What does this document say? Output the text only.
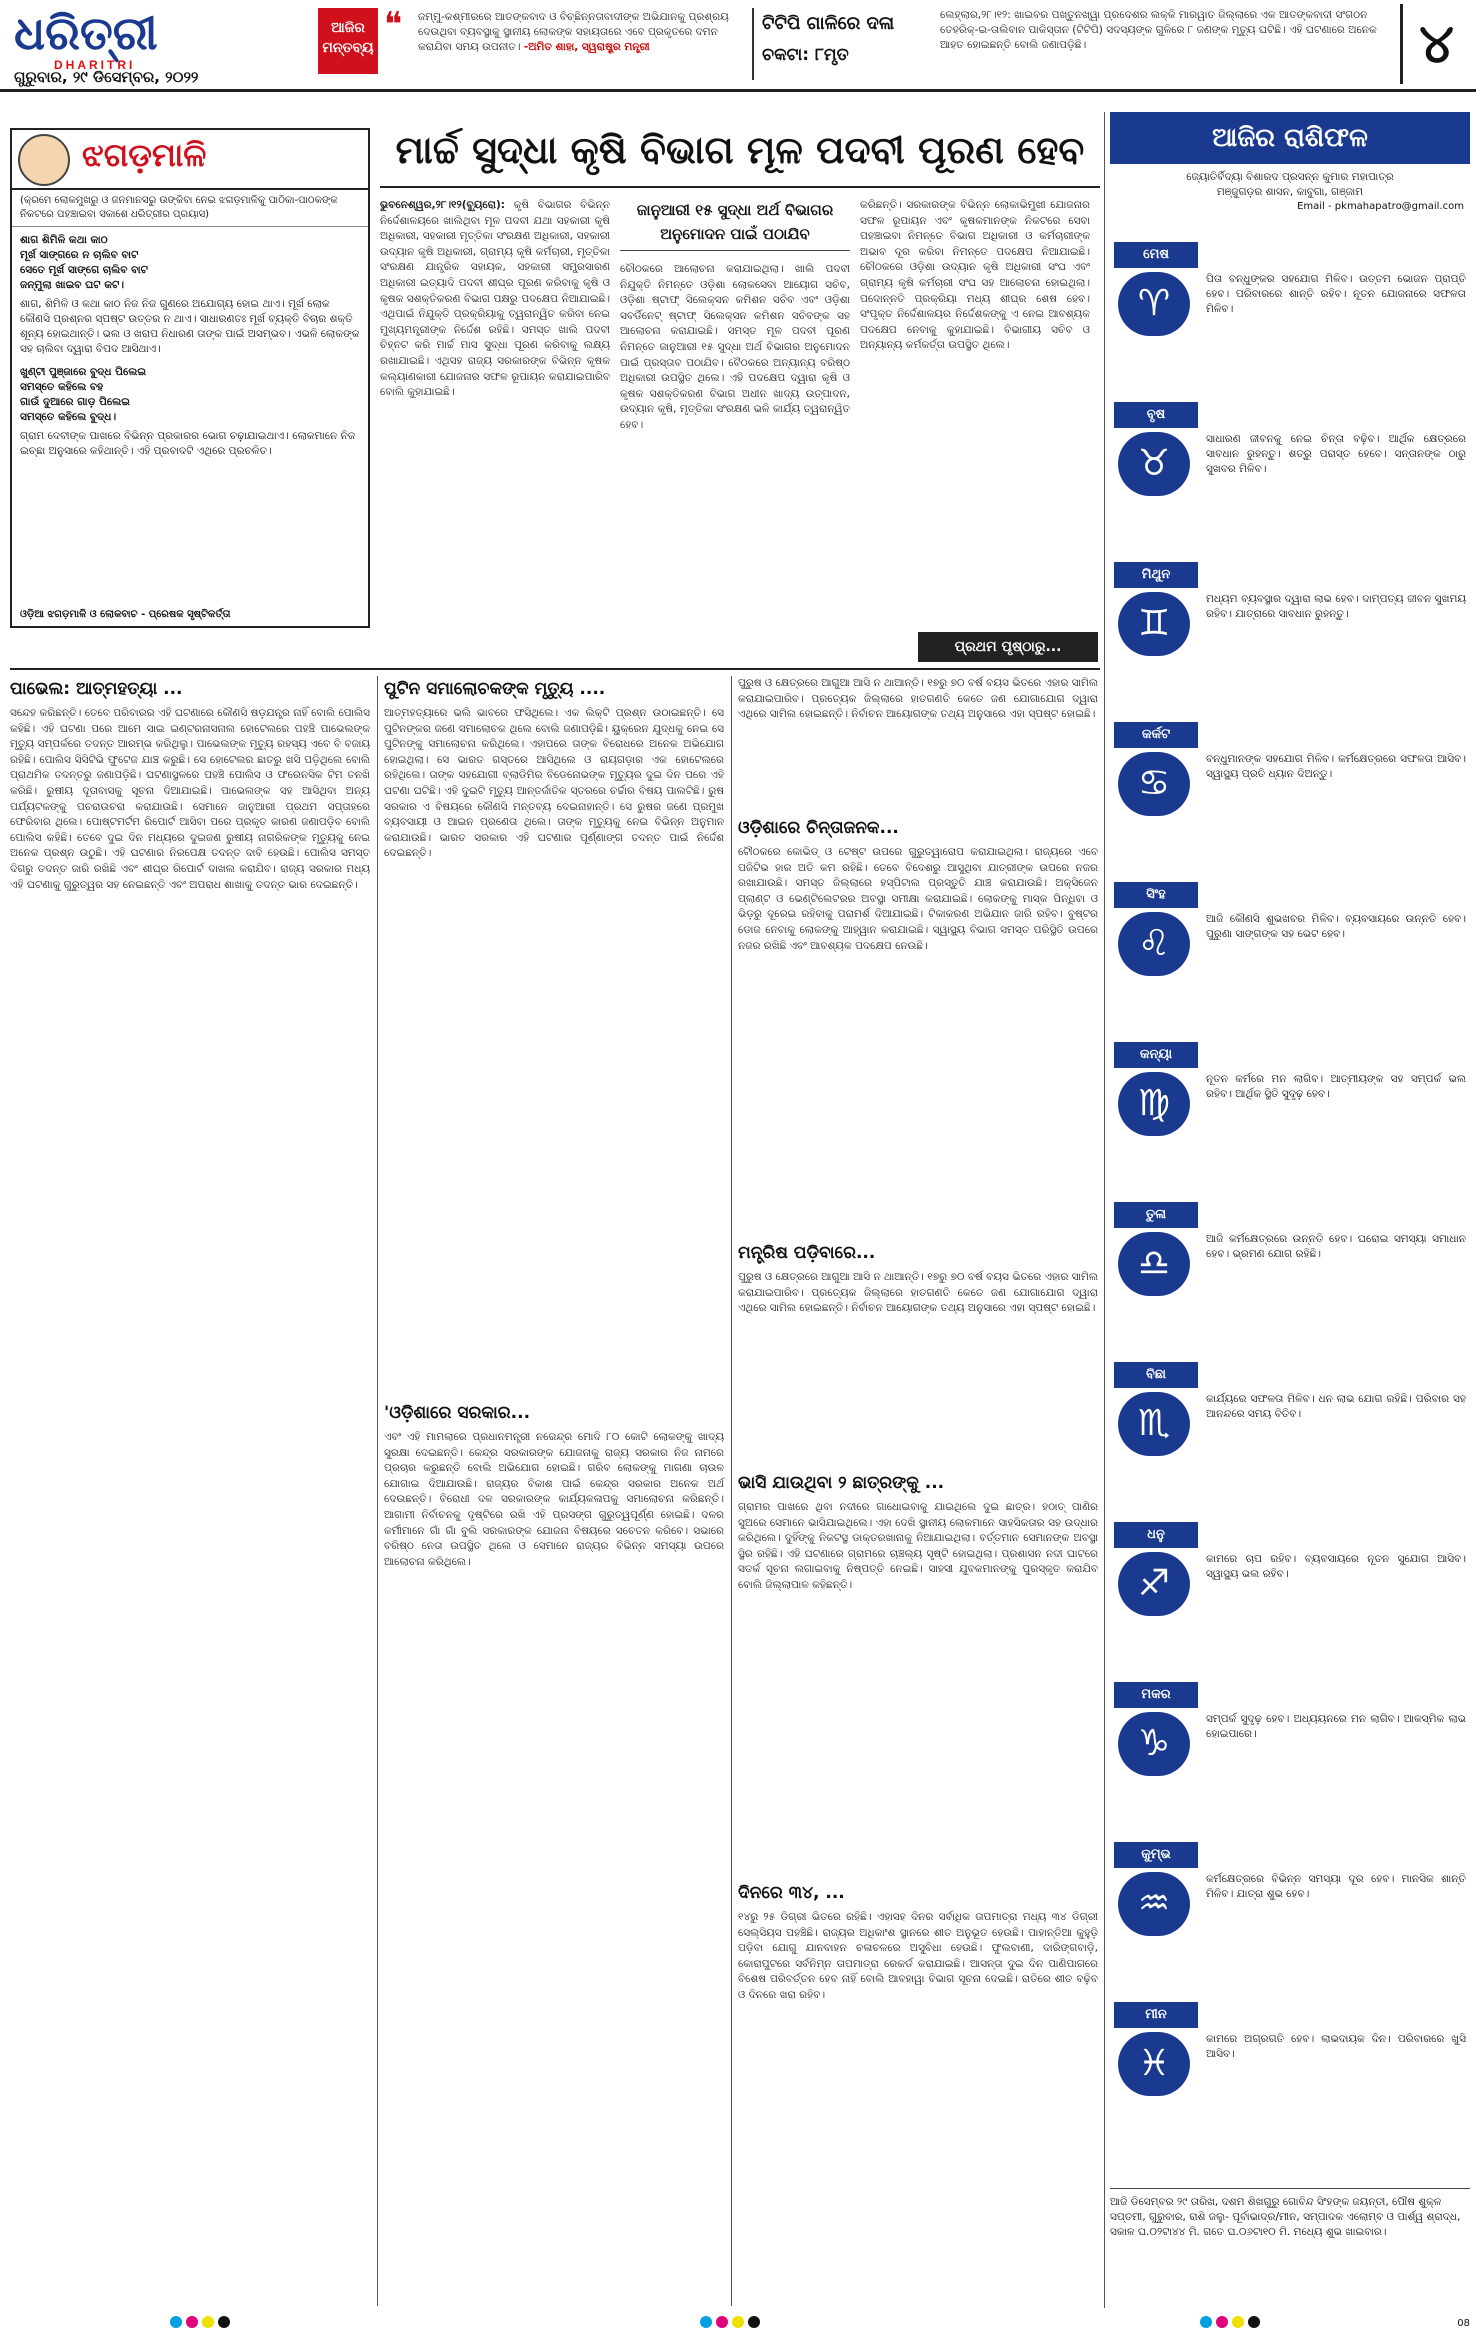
ଧରିତ୍ରୀ
DHARITRI
ଗୁରୁବାର, ୨୯ ଡିସେମ୍ବର, ୨୦୨୨
ଆଜିର ମନ୍ତବ୍ୟ
❝ ଜମ୍ମୁ-କଶ୍ମୀରରେ ଆତଙ୍କବାଦ ଓ ବିଚ୍ଛିନ୍ନତାବାଦୀଙ୍କ ଅଭିଯାନକୁ ପ୍ରଶ୍ରୟ ଦେଉଥିବା ବ୍ୟବସ୍ଥାକୁ ସ୍ଥାନୀୟ ଲୋକଙ୍କ ସହାୟତାରେ ଏବେ ପ୍ରକୃତରେ ଦମନ କରାଯିବା ସମୟ ଉପନୀତ। -ଅମିତ ଶାହା, ସ୍ୱରାଷ୍ଟ୍ର ମନ୍ତ୍ରୀ
ଟିଟିପି ଗାଳିରେ ଦଳା
ଚକଟା: ୮ମୃତ
ଲେହ୍ଲାର,୨୮।୧୨: ଖାଇବର ପଖ୍ତୁନଖ୍ୱା ପ୍ରଦେଶର ଲକ୍କି ମାରୱାତ ଜିଲ୍ଲାରେ ଏକ ଆତଙ୍କବାଦୀ ସଂଗଠନ ତେହରିକ୍-ଇ-ତାଲିବାନ ପାକିସ୍ତାନ (ଟିଟିପି) ସଦସ୍ୟଙ୍କ ଗୁଳିରେ ୮ ଜଣଙ୍କ ମୃତ୍ୟୁ ଘଟିଛି। ଏହି ଘଟଣାରେ ଅନେକ ଆହତ ହୋଇଛନ୍ତି ବୋଲି ଜଣାପଡ଼ିଛି।	୪
ଝଗଡ଼ମାଳି
(କ୍ରମେ ଲୋକମୁଖରୁ ଓ ଜନମାନସରୁ ଉଙ୍କିବା ନେଇ ଝଗଡ଼ମାଳିକୁ ପାଠିକା-ପାଠକଙ୍କ ନିକଟରେ ପହଞ୍ଚାଇବା ସକାଶେ ଧରିତ୍ରୀର ପ୍ରୟାସ)
ଶାଗ ଶିମିଳି କଥା କାଠ
ମୂର୍ଖ ସାଙ୍ଗରେ ନ ଚାଲିବ ବାଟ
ସେତେ ମୂର୍ଖ ସାଙ୍ଗେ ଚାଲିବ ବାଟ
ଜନ୍ମୁଲା ଖାଇବ ଘଟ କଟ।

ଶାଗ, ଶିମିଳି ଓ କଥା କାଠ ନିଜ ନିଜ ଗୁଣରେ ଅଯୋଗ୍ୟ ହୋଇ ଥାଏ। ମୂର୍ଖ ଲୋକ କୌଣସି ପ୍ରଶ୍ନର ସ୍ପଷ୍ଟ ଉତ୍ତର ନ ଥାଏ। ସାଧାରଣତଃ ମୂର୍ଖ ବ୍ୟକ୍ତି ବିଚାର ଶକ୍ତି ଶୂନ୍ୟ ହୋଇଥାନ୍ତି। ଭଲ ଓ ଖରାପ ନିଧାରଣ ତାଙ୍କ ପାଇଁ ଅସମ୍ଭବ। ଏଭଳି ଲୋକଙ୍କ ସହ ଚାଲିବା ଦ୍ୱାରା ବିପଦ ଆସିଥାଏ।

ଖୁଣ୍ଟୀ ପୁଞ୍ଜାରେ ବୁଦ୍ଧ ପିଲେଇ
ସମସ୍ତେ କହିଲେ ବହ
ଗାଉଁ ଦୁଆରେ ଗାଡ଼ ପିଲେଇ
ସମସ୍ତେ କହିଲେ ବୁଦ୍ଧ।

ଗ୍ରାମ ଦେବୀଙ୍କ ପାଖରେ ବିଭିନ୍ନ ପ୍ରକାରର ଭୋଗ ଚଢ଼ାଯାଇଥାଏ। ଲୋକମାନେ ନିଜ ଇଚ୍ଛା ଅନୁସାରେ କହିଥାନ୍ତି। ଏହି ପ୍ରବାଦଟି ଏଥିରେ ପ୍ରଚଳିତ।

ଓଡ଼ିଆ ଝଗଡ଼ମାଳି ଓ ଲୋକବାଚ - ପ୍ରେଷକ ସୃଷ୍ଟିକର୍ତ୍ତା
ମାର୍ଚ୍ଚ ସୁଦ୍ଧା କୃଷି ବିଭାଗ ମୂଳ ପଦବୀ ପୂରଣ ହେବ
ଭୁବନେଶ୍ୱର,୨୮।୧୨(ବ୍ୟୁରୋ): କୃଷି ବିଭାଗର ବିଭିନ୍ନ ନିର୍ଦ୍ଦେଶାଳୟରେ ଖାଲିଥିବା ମୂଳ ପଦବୀ ଯଥା ସହକାରୀ କୃଷି ଅଧିକାରୀ, ସହକାରୀ ମୃତ୍ତିକା ସଂରକ୍ଷଣ ଅଧିକାରୀ, ସହକାରୀ ଉଦ୍ୟାନ କୃଷି ଅଧିକାରୀ, ଗ୍ରାମ୍ୟ କୃଷି କର୍ମଚାରୀ, ମୃତ୍ତିକା ସଂରକ୍ଷଣ ଯାନ୍ତ୍ରିକ ସହାୟକ, ସହକାରୀ ସମ୍ପ୍ରସାରଣ ଅଧିକାରୀ ଇତ୍ୟାଦି ପଦବୀ ଶୀଘ୍ର ପୂରଣ କରିବାକୁ କୃଷି ଓ କୃଷକ ସଶକ୍ତିକରଣ ବିଭାଗ ପକ୍ଷରୁ ପଦକ୍ଷେପ ନିଆଯାଇଛି। ଏଥିପାଇଁ ନିଯୁକ୍ତି ପ୍ରକ୍ରିୟାକୁ ତ୍ୱରାନ୍ୱିତ କରିବା ନେଇ ମୁଖ୍ୟମନ୍ତ୍ରୀଙ୍କ ନିର୍ଦ୍ଦେଶ ରହିଛି। ସମସ୍ତ ଖାଲି ପଦବୀ ଚିହ୍ନଟ କରି ମାର୍ଚ୍ଚ ମାସ ସୁଦ୍ଧା ପୂରଣ କରିବାକୁ ଲକ୍ଷ୍ୟ ରଖାଯାଇଛି। ଏଥିସହ ରାଜ୍ୟ ସରକାରଙ୍କ ବିଭିନ୍ନ କୃଷକ କଲ୍ୟାଣକାରୀ ଯୋଜନାର ସଫଳ ରୂପାୟନ କରାଯାଇପାରିବ ବୋଲି କୁହାଯାଇଛି।
ଜାନୁଆରୀ ୧୫ ସୁଦ୍ଧା ଅର୍ଥ ବିଭାଗର ଅନୁମୋଦନ ପାଇଁ ପଠାଯିବ
ଚୌଠକରେ ଆଲୋଚନା କରାଯାଇଥିଲା। ଖାଲି ପଦବୀ ନିଯୁକ୍ତି ନିମନ୍ତେ ଓଡ଼ିଶା ଲୋକସେବା ଆୟୋଗ ସଚିବ, ଓଡ଼ିଶା ଷ୍ଟାଫ୍ ସିଲେକ୍ସନ କମିଶନ ସଚିବ ଏବଂ ଓଡ଼ିଶା ସବର୍ଡିନେଟ୍ ଷ୍ଟାଫ୍ ସିଲେକ୍ସନ କମିଶନ ସଚିବଙ୍କ ସହ ଆଲୋଚନା କରାଯାଇଛି। ସମସ୍ତ ମୂଳ ପଦବୀ ପୂରଣ ନିମନ୍ତେ ଜାନୁଆରୀ ୧୫ ସୁଦ୍ଧା ଅର୍ଥ ବିଭାଗର ଅନୁମୋଦନ ପାଇଁ ପ୍ରସ୍ତାବ ପଠାଯିବ। ବୈଠକରେ ଅନ୍ୟାନ୍ୟ ବରିଷ୍ଠ ଅଧିକାରୀ ଉପସ୍ଥିତ ଥିଲେ। ଏହି ପଦକ୍ଷେପ ଦ୍ୱାରା କୃଷି ଓ କୃଷକ ସଶକ୍ତିକରଣ ବିଭାଗ ଅଧୀନ ଖାଦ୍ୟ ଉତ୍ପାଦନ, ଉଦ୍ୟାନ କୃଷି, ମୃତ୍ତିକା ସଂରକ୍ଷଣ ଭଳି କାର୍ଯ୍ୟ ତ୍ୱରାନ୍ୱିତ ହେବ।
କରିଛନ୍ତି। ସରକାରଙ୍କ ବିଭିନ୍ନ ଲୋକାଭିମୁଖୀ ଯୋଜନାର ସଫଳ ରୂପାୟନ ଏବଂ କୃଷକମାନଙ୍କ ନିକଟରେ ସେବା ପହଞ୍ଚାଇବା ନିମନ୍ତେ ବିଭାଗ ଅଧିକାରୀ ଓ କର୍ମଚାରୀଙ୍କ ଅଭାବ ଦୂର କରିବା ନିମନ୍ତେ ପଦକ୍ଷେପ ନିଆଯାଇଛି। ଚୌଠକରେ ଓଡ଼ିଶା ଉଦ୍ୟାନ କୃଷି ଅଧିକାରୀ ସଂଘ ଏବଂ ଗ୍ରାମ୍ୟ କୃଷି କର୍ମଚାରୀ ସଂଘ ସହ ଆଲୋଚନା ହୋଇଥିଲା। ପଦୋନ୍ନତି ପ୍ରକ୍ରିୟା ମଧ୍ୟ ଶୀଘ୍ର ଶେଷ ହେବ। ସଂପୃକ୍ତ ନିର୍ଦ୍ଦେଶାଳୟର ନିର୍ଦ୍ଦେଶକଙ୍କୁ ଏ ନେଇ ଆବଶ୍ୟକ ପଦକ୍ଷେପ ନେବାକୁ କୁହାଯାଇଛି। ବିଭାଗୀୟ ସଚିବ ଓ ଅନ୍ୟାନ୍ୟ କର୍ମକର୍ତ୍ତା ଉପସ୍ଥିତ ଥିଲେ।
ପ୍ରଥମ ପୃଷ୍ଠାରୁ...
ଆଜିର ରାଶିଫଳ
ଜ୍ୟୋତିର୍ବିଦ୍ୟା ବିଶାରଦ ପ୍ରସନ୍ନ କୁମାର ମହାପାତ୍ର
ମଞ୍ଜୁଗଡ଼ର ଶାସନ, କାବୁଗା, ଗଞ୍ଜାମ
Email - pkmahapatro@gmail.com
ମେଷ
♈
ପିତା ବନ୍ଧୁଙ୍କର ସହଯୋଗ ମିଳିବ। ଉତ୍ତମ ଭୋଜନ ପ୍ରାପ୍ତି ହେବ। ପରିବାରରେ ଶାନ୍ତି ରହିବ। ନୂତନ ଯୋଜନାରେ ସଫଳତା ମିଳିବ।
ବୃଷ
♉
ସାଧାରଣ ଜୀବନକୁ ନେଇ ଚିନ୍ତା ବଢ଼ିବ। ଆର୍ଥିକ କ୍ଷେତ୍ରରେ ସାବଧାନ ରୁହନ୍ତୁ। ଶତ୍ରୁ ପରାସ୍ତ ହେବେ। ସନ୍ତାନଙ୍କ ଠାରୁ ସୁଖବର ମିଳିବ।
ମିଥୁନ
♊
ମଧ୍ୟମ ବ୍ୟବସ୍ଥାର ଦ୍ୱାରା ଲାଭ ହେବ। ଦାମ୍ପତ୍ୟ ଜୀବନ ସୁଖମୟ ରହିବ। ଯାତ୍ରାରେ ସାବଧାନ ରୁହନ୍ତୁ।
କର୍କଟ
♋
ବନ୍ଧୁମାନଙ୍କ ସହଯୋଗ ମିଳିବ। କର୍ମକ୍ଷେତ୍ରରେ ସଫଳତା ଆସିବ। ସ୍ୱାସ୍ଥ୍ୟ ପ୍ରତି ଧ୍ୟାନ ଦିଅନ୍ତୁ।
ସିଂହ
♌
ଆଜି କୌଣସି ଶୁଭଖବର ମିଳିବ। ବ୍ୟବସାୟରେ ଉନ୍ନତି ହେବ। ପୁରୁଣା ସାଙ୍ଗଙ୍କ ସହ ଭେଟ ହେବ।
କନ୍ୟା
♍
ନୂତନ କର୍ମରେ ମନ ଲାଗିବ। ଆତ୍ମୀୟଙ୍କ ସହ ସମ୍ପର୍କ ଭଲ ରହିବ। ଆର୍ଥିକ ସ୍ଥିତି ସୁଦୃଢ଼ ହେବ।
ତୁଳା
♎
ଆଜି କର୍ମକ୍ଷେତ୍ରରେ ଉନ୍ନତି ହେବ। ଘରୋଇ ସମସ୍ୟା ସମାଧାନ ହେବ। ଭ୍ରମଣ ଯୋଗ ରହିଛି।
ବିଛା
♏
କାର୍ଯ୍ୟରେ ସଫଳତା ମିଳିବ। ଧନ ଲାଭ ଯୋଗ ରହିଛି। ପରିବାର ସହ ଆନନ୍ଦରେ ସମୟ ବିତିବ।
ଧନୁ
♐
କାମରେ ଚାପ ରହିବ। ବ୍ୟବସାୟରେ ନୂତନ ସୁଯୋଗ ଆସିବ। ସ୍ୱାସ୍ଥ୍ୟ ଭଲ ରହିବ।
ମକର
♑
ସମ୍ପର୍କ ସୁଦୃଢ଼ ହେବ। ଅଧ୍ୟୟନରେ ମନ ଲାଗିବ। ଆକସ୍ମିକ ଲାଭ ହୋଇପାରେ।
କୁମ୍ଭ
♒
କର୍ମକ୍ଷେତ୍ରରେ ବିଭିନ୍ନ ସମସ୍ୟା ଦୂର ହେବ। ମାନସିକ ଶାନ୍ତି ମିଳିବ। ଯାତ୍ରା ଶୁଭ ହେବ।
ମୀନ
♓
କାମରେ ଅଗ୍ରଗତି ହେବ। ଲାଭଦାୟକ ଦିନ। ପରିବାରରେ ଖୁସି ଆସିବ।
ଆଜି ଡିସେମ୍ବର ୨୯ ତାରିଖ, ଦଶମ ଶିଖଗୁରୁ ଗୋବିନ୍ଦ ସିଂହଙ୍କ ଜୟନ୍ତୀ, ପୌଷ ଶୁକ୍ଳ ସପ୍ତମୀ, ଗୁରୁବାର, ରାଶି ଜଲୁ- ପୂର୍ବାଭାଦ୍ର/ମୀନ, ସମ୍ପାଦକ ଏଲୋମ୍ବ ଓ ପାର୍ଶ୍ୱ ଶ୍ରାଦ୍ଧ, ସକାଳ ଘ.୦୨ଟା୪୪ ମି. ଗତେ ଘ.୦୬ଟା୧୦ ମି. ମଧ୍ୟେ ଶୁଭ ଖାଇବାର।
ପାଭେଲ: ଆତ୍ମହତ୍ୟା ...
ସନ୍ଦେହ କରିଛନ୍ତି। ତେବେ ପରିବାରର ଏହି ଘଟଣାରେ କୌଣସି ଷଡ଼ଯନ୍ତ୍ର ନାହିଁ ବୋଲି ପୋଲିସ କହିଛି। ଏହି ଘଟଣା ପରେ ଆମେ ସାଇ ଇଣ୍ଟରନାସନାଲ ହୋଟେଲରେ ପହଞ୍ଚି ପାଭେଲଙ୍କ ମୃତ୍ୟୁ ସମ୍ପର୍କରେ ତଦନ୍ତ ଆରମ୍ଭ କରିଥିଲୁ। ପାଭେଲଙ୍କ ମୃତ୍ୟୁ ରହସ୍ୟ ଏବେ ବି ବଜାୟ ରହିଛି। ପୋଲିସ ସିସିଟିଭି ଫୁଟେଜ ଯାଞ୍ଚ କରୁଛି। ସେ ହୋଟେଲର ଛାତରୁ ଖସି ପଡ଼ିଥିଲେ ବୋଲି ପ୍ରାଥମିକ ତଦନ୍ତରୁ ଜଣାପଡ଼ିଛି। ଘଟଣାସ୍ଥଳରେ ପହଞ୍ଚି ପୋଲିସ ଓ ଫରେନସିକ ଟିମ ତନଖି କରିଛି। ରୁଷୀୟ ଦୂତାବାସକୁ ସୂଚନା ଦିଆଯାଇଛି। ପାଭେଲଙ୍କ ସହ ଆସିଥିବା ଅନ୍ୟ ପର୍ଯ୍ୟଟକଙ୍କୁ ପଚରାଉଚରା କରାଯାଉଛି। ସେମାନେ ଜାନୁଆରୀ ପ୍ରଥମ ସପ୍ତାହରେ ଫେରିବାର ଥିଲେ। ପୋଷ୍ଟମର୍ଟମ ରିପୋର୍ଟ ଆସିବା ପରେ ପ୍ରକୃତ କାରଣ ଜଣାପଡ଼ିବ ବୋଲି ପୋଲିସ କହିଛି। ତେବେ ଦୁଇ ଦିନ ମଧ୍ୟରେ ଦୁଇଜଣ ରୁଷୀୟ ନାଗରିକଙ୍କ ମୃତ୍ୟୁକୁ ନେଇ ଅନେକ ପ୍ରଶ୍ନ ଉଠୁଛି। ଏହି ଘଟଣାର ନିରପେକ୍ଷ ତଦନ୍ତ ଦାବି ହେଉଛି। ପୋଲିସ ସମସ୍ତ ଦିଗରୁ ତଦନ୍ତ ଜାରି ରଖିଛି ଏବଂ ଶୀଘ୍ର ରିପୋର୍ଟ ଦାଖଲ କରାଯିବ। ରାଜ୍ୟ ସରକାର ମଧ୍ୟ ଏହି ଘଟଣାକୁ ଗୁରୁତ୍ୱର ସହ ନେଇଛନ୍ତି ଏବଂ ଅପରାଧ ଶାଖାକୁ ତଦନ୍ତ ଭାର ଦେଇଛନ୍ତି।
ପୁଟିନ ସମାଲୋଚକଙ୍କ ମୃତ୍ୟୁ ....
ଆତ୍ମହତ୍ୟାରେ ଭଲି ଭାବରେ ଫସିଥିଲେ। ଏକ ଲିକ୍ଟି ପ୍ରଶ୍ନ ଉଠାଇଛନ୍ତି। ସେ ପୁଟିନଙ୍କର ଜଣେ ସମାଲୋଚକ ଥିଲେ ବୋଲି ଜଣାପଡ଼ିଛି। ୟୁକ୍ରେନ ଯୁଦ୍ଧକୁ ନେଇ ସେ ପୁଟିନଙ୍କୁ ସମାଲୋଚନା କରିଥିଲେ। ଏହାପରେ ତାଙ୍କ ବିରୋଧରେ ଅନେକ ଅଭିଯୋଗ ହୋଇଥିଲା। ସେ ଭାରତ ଗସ୍ତରେ ଆସିଥିଲେ ଓ ରାୟଗଡ଼ାର ଏକ ହୋଟେଲରେ ରହିଥିଲେ। ତାଙ୍କ ସହଯୋଗୀ ବ୍ଲାଡିମିର ବିଡେନୋଭଙ୍କ ମୃତ୍ୟୁର ଦୁଇ ଦିନ ପରେ ଏହି ଘଟଣା ଘଟିଛି। ଏହି ଦୁଇଟି ମୃତ୍ୟୁ ଆନ୍ତର୍ଜାତିକ ସ୍ତରରେ ଚର୍ଚ୍ଚାର ବିଷୟ ପାଲଟିଛି। ରୁଷ ସରକାର ଏ ବିଷୟରେ କୌଣସି ମନ୍ତବ୍ୟ ଦେଇନାହାନ୍ତି। ସେ ରୁଷର ଜଣେ ପ୍ରମୁଖ ବ୍ୟବସାୟୀ ଓ ଆଇନ ପ୍ରଣେତା ଥିଲେ। ତାଙ୍କ ମୃତ୍ୟୁକୁ ନେଇ ବିଭିନ୍ନ ଅନୁମାନ କରାଯାଉଛି। ଭାରତ ସରକାର ଏହି ଘଟଣାର ପୂର୍ଣ୍ଣାଙ୍ଗ ତଦନ୍ତ ପାଇଁ ନିର୍ଦ୍ଦେଶ ଦେଇଛନ୍ତି।
'ଓଡ଼ିଶାରେ ସରକାର...
ଏବଂ ଏହି ମାମଲାରେ ପ୍ରଧାନମନ୍ତ୍ରୀ ନରେନ୍ଦ୍ର ମୋଦି ୮୦ କୋଟି ଲୋକଙ୍କୁ ଖାଦ୍ୟ ସୁରକ୍ଷା ଦେଇଛନ୍ତି। କେନ୍ଦ୍ର ସରକାରଙ୍କ ଯୋଜନାକୁ ରାଜ୍ୟ ସରକାର ନିଜ ନାମରେ ପ୍ରଚାର କରୁଛନ୍ତି ବୋଲି ଅଭିଯୋଗ ହୋଇଛି। ଗରିବ ଲୋକଙ୍କୁ ମାଗଣା ଚାଉଳ ଯୋଗାଇ ଦିଆଯାଉଛି। ରାଜ୍ୟର ବିକାଶ ପାଇଁ କେନ୍ଦ୍ର ସରକାର ଅନେକ ଅର୍ଥ ଦେଉଛନ୍ତି। ବିରୋଧୀ ଦଳ ସରକାରଙ୍କ କାର୍ଯ୍ୟକଳାପକୁ ସମାଲୋଚନା କରିଛନ୍ତି। ଆଗାମୀ ନିର୍ବାଚନକୁ ଦୃଷ୍ଟିରେ ରଖି ଏହି ପ୍ରସଙ୍ଗ ଗୁରୁତ୍ୱପୂର୍ଣ୍ଣ ହୋଇଛି। ଦଳର କର୍ମୀମାନେ ଗାଁ ଗାଁ ବୁଲି ସରକାରଙ୍କ ଯୋଜନା ବିଷୟରେ ସଚେତନ କରିବେ। ସଭାରେ ବରିଷ୍ଠ ନେତା ଉପସ୍ଥିତ ଥିଲେ ଓ ସେମାନେ ରାଜ୍ୟର ବିଭିନ୍ନ ସମସ୍ୟା ଉପରେ ଆଲୋଚନା କରିଥିଲେ।
ପୁରୁଷ ଓ କ୍ଷେତ୍ରରେ ଆଗୁଆ ଆସି ନ ଥାଆନ୍ତି। ୧୭ରୁ ୭୦ ବର୍ଷ ବୟସ ଭିତରେ ଏହାର ସାମିଲ କରାଯାଇପାରିବ। ପ୍ରତ୍ୟେକ ଜିଲ୍ଲାରେ ହାତଗଣତି କେତେ ଜଣ ଯୋଗାଯୋଗ ଦ୍ୱାରା ଏଥିରେ ସାମିଲ ହୋଇଛନ୍ତି। ନିର୍ବାଚନ ଆୟୋଗଙ୍କ ତଥ୍ୟ ଅନୁସାରେ ଏହା ସ୍ପଷ୍ଟ ହୋଇଛି।
ଓଡ଼ିଶାରେ ଚିନ୍ତାଜନକ...
ଟୌଠକରେ କୋଭିଡ୍ ଓ ଟେଷ୍ଟ ଉପରେ ଗୁରୁତ୍ୱାରୋପ କରାଯାଇଥିଲା। ରାଜ୍ୟରେ ଏବେ ପଜିଟିଭ ହାର ଅତି କମ ରହିଛି। ତେବେ ବିଦେଶରୁ ଆସୁଥିବା ଯାତ୍ରୀଙ୍କ ଉପରେ ନଜର ରଖାଯାଉଛି। ସମସ୍ତ ଜିଲ୍ଲାରେ ହସ୍ପିଟାଲ ପ୍ରସ୍ତୁତି ଯାଞ୍ଚ କରାଯାଉଛି। ଅକ୍ସିଜେନ ପ୍ଲାଣ୍ଟ ଓ ଭେଣ୍ଟିଲେଟରର ଅବସ୍ଥା ସମୀକ୍ଷା କରାଯାଇଛି। ଲୋକଙ୍କୁ ମାସ୍କ ପିନ୍ଧିବା ଓ ଭିଡ଼ରୁ ଦୂରେଇ ରହିବାକୁ ପରାମର୍ଶ ଦିଆଯାଇଛି। ଟିକାକରଣ ଅଭିଯାନ ଜାରି ରହିବ। ବୁଷ୍ଟର ଡୋଜ ନେବାକୁ ଲୋକଙ୍କୁ ଆହ୍ୱାନ କରାଯାଇଛି। ସ୍ୱାସ୍ଥ୍ୟ ବିଭାଗ ସମସ୍ତ ପରିସ୍ଥିତି ଉପରେ ନଜର ରଖିଛି ଏବଂ ଆବଶ୍ୟକ ପଦକ୍ଷେପ ନେଉଛି।
ମନ୍ତ୍ରିଷ ପଡ଼ିବାରେ...
ପୁରୁଷ ଓ କ୍ଷେତ୍ରରେ ଆଗୁଆ ଆସି ନ ଥାଆନ୍ତି। ୧୭ରୁ ୭୦ ବର୍ଷ ବୟସ ଭିତରେ ଏହାର ସାମିଲ କରାଯାଇପାରିବ। ପ୍ରତ୍ୟେକ ଜିଲ୍ଲାରେ ହାତଗଣତି କେତେ ଜଣ ଯୋଗାଯୋଗ ଦ୍ୱାରା ଏଥିରେ ସାମିଲ ହୋଇଛନ୍ତି। ନିର୍ବାଚନ ଆୟୋଗଙ୍କ ତଥ୍ୟ ଅନୁସାରେ ଏହା ସ୍ପଷ୍ଟ ହୋଇଛି।
ଭାସି ଯାଉଥିବା ୨ ଛାତ୍ରଙ୍କୁ ...
ଗ୍ରାମର ପାଖରେ ଥିବା ନଦୀରେ ଗାଧୋଇବାକୁ ଯାଇଥିଲେ ଦୁଇ ଛାତ୍ର। ହଠାତ୍ ପାଣିର ସୁଅରେ ସେମାନେ ଭାସିଯାଇଥିଲେ। ଏହା ଦେଖି ସ୍ଥାନୀୟ ଲୋକମାନେ ସାହସିକତାର ସହ ଉଦ୍ଧାର କରିଥିଲେ। ଦୁହିଁଙ୍କୁ ନିକଟସ୍ଥ ଡାକ୍ତରଖାନାକୁ ନିଆଯାଇଥିଲା। ବର୍ତ୍ତମାନ ସେମାନଙ୍କ ଅବସ୍ଥା ସ୍ଥିର ରହିଛି। ଏହି ଘଟଣାରେ ଗ୍ରାମରେ ଚାଞ୍ଚଲ୍ୟ ସୃଷ୍ଟି ହୋଇଥିଲା। ପ୍ରଶାସନ ନଦୀ ଘାଟରେ ସତର୍କ ସୂଚନା ଲଗାଇବାକୁ ନିଷ୍ପତ୍ତି ନେଇଛି। ସାହସୀ ଯୁବକମାନଙ୍କୁ ପୁରସ୍କୃତ କରାଯିବ ବୋଲି ଜିଲ୍ଲାପାଳ କହିଛନ୍ତି।
ଦିନରେ ୩୪, ...
୧୪ରୁ ୨୫ ଡିଗ୍ରୀ ଭିତରେ ରହିଛି। ଏହାସହ ଦିନର ସର୍ବାଧିକ ତାପମାତ୍ରା ମଧ୍ୟ ୩୪ ଡିଗ୍ରୀ ସେଲ୍ସିୟସ ପହଞ୍ଚିଛି। ରାଜ୍ୟର ଅଧିକାଂଶ ସ୍ଥାନରେ ଶୀତ ଅନୁଭୂତ ହେଉଛି। ପାହାନ୍ତିଆ କୁହୁଡ଼ି ପଡ଼ିବା ଯୋଗୁ ଯାନବାହନ ଚଳାଚଳରେ ଅସୁବିଧା ହେଉଛି। ଫୁଲବାଣୀ, ଦାରିଙ୍ଗବାଡ଼ି, କୋରାପୁଟରେ ସର୍ବନିମ୍ନ ତାପମାତ୍ରା ରେକର୍ଡ କରାଯାଇଛି। ଆସନ୍ତା ଦୁଇ ଦିନ ପାଣିପାଗରେ ବିଶେଷ ପରିବର୍ତ୍ତନ ହେବ ନାହିଁ ବୋଲି ଆବହାୱା ବିଭାଗ ସୂଚନା ଦେଇଛି। ରାତିରେ ଶୀତ ବଢ଼ିବ ଓ ଦିନରେ ଖରା ରହିବ।
08
